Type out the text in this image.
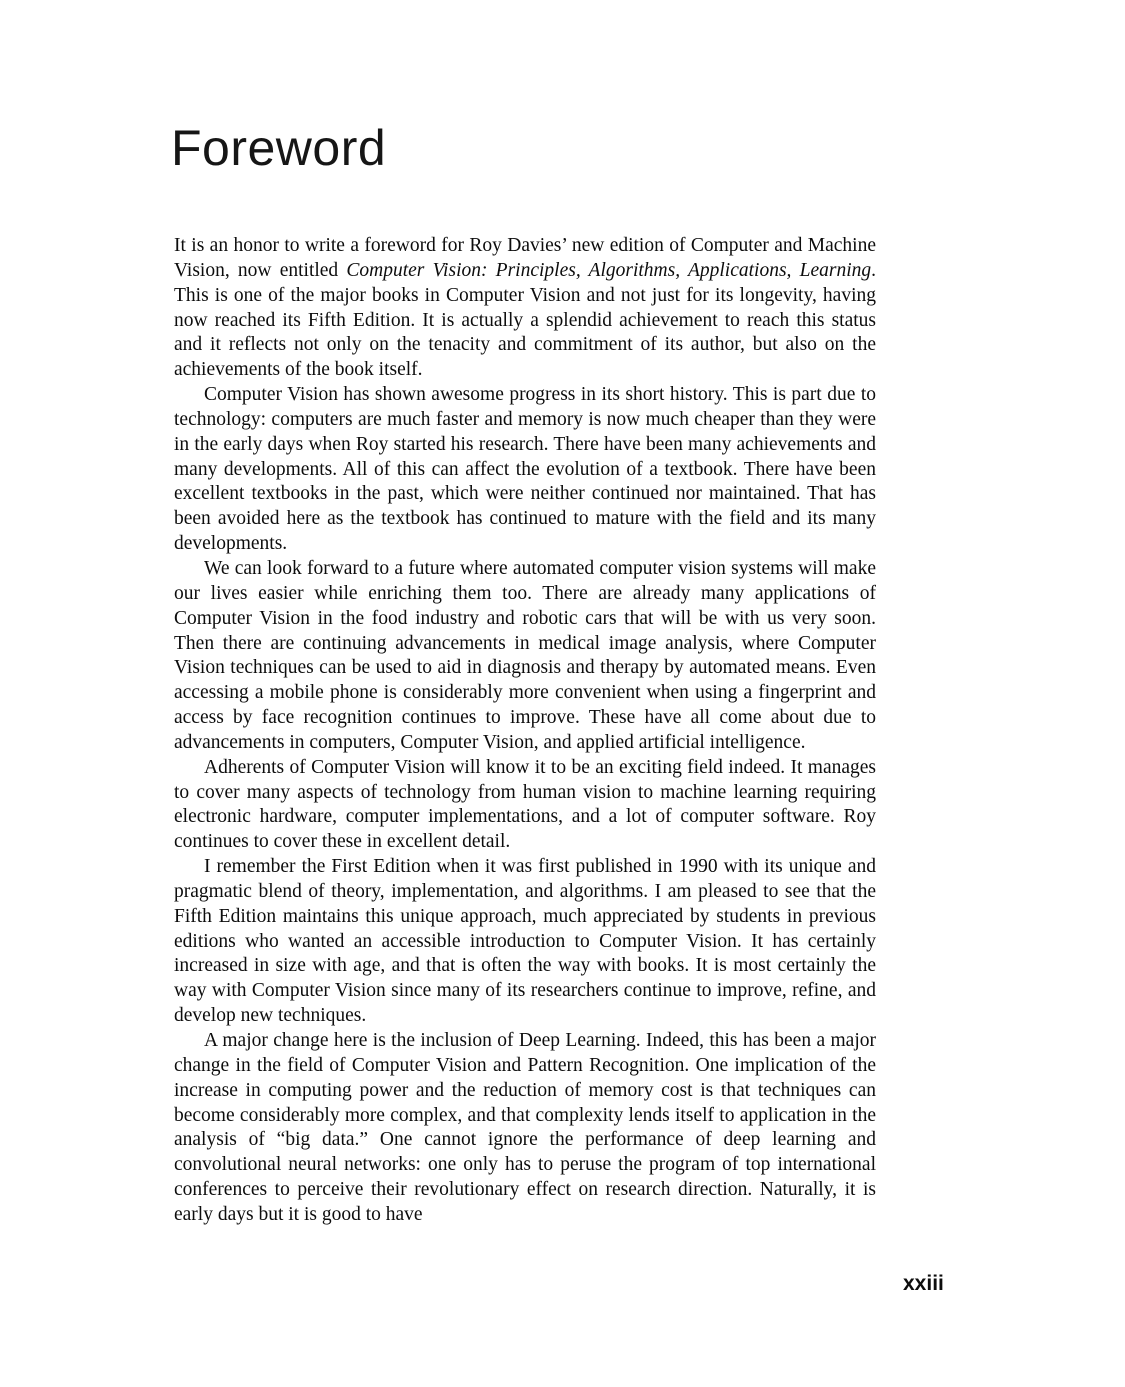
Foreword

It is an honor to write a foreword for Roy Davies’ new edition of Computer and Machine Vision, now entitled Computer Vision: Principles, Algorithms, Applications, Learning. This is one of the major books in Computer Vision and not just for its longevity, having now reached its Fifth Edition. It is actually a splendid achievement to reach this status and it reflects not only on the tenacity and commitment of its author, but also on the achievements of the book itself.

Computer Vision has shown awesome progress in its short history. This is part due to technology: computers are much faster and memory is now much cheaper than they were in the early days when Roy started his research. There have been many achievements and many developments. All of this can affect the evolution of a textbook. There have been excellent textbooks in the past, which were neither continued nor maintained. That has been avoided here as the textbook has continued to mature with the field and its many developments.

We can look forward to a future where automated computer vision systems will make our lives easier while enriching them too. There are already many applications of Computer Vision in the food industry and robotic cars that will be with us very soon. Then there are continuing advancements in medical image analysis, where Computer Vision techniques can be used to aid in diagnosis and therapy by automated means. Even accessing a mobile phone is considerably more convenient when using a fingerprint and access by face recognition continues to improve. These have all come about due to advancements in computers, Computer Vision, and applied artificial intelligence.

Adherents of Computer Vision will know it to be an exciting field indeed. It manages to cover many aspects of technology from human vision to machine learning requiring electronic hardware, computer implementations, and a lot of computer software. Roy continues to cover these in excellent detail.

I remember the First Edition when it was first published in 1990 with its unique and pragmatic blend of theory, implementation, and algorithms. I am pleased to see that the Fifth Edition maintains this unique approach, much appreciated by students in previous editions who wanted an accessible introduction to Computer Vision. It has certainly increased in size with age, and that is often the way with books. It is most certainly the way with Computer Vision since many of its researchers continue to improve, refine, and develop new techniques.

A major change here is the inclusion of Deep Learning. Indeed, this has been a major change in the field of Computer Vision and Pattern Recognition. One implication of the increase in computing power and the reduction of memory cost is that techniques can become considerably more complex, and that complexity lends itself to application in the analysis of “big data.” One cannot ignore the performance of deep learning and convolutional neural networks: one only has to peruse the program of top international conferences to perceive their revolutionary effect on research direction. Naturally, it is early days but it is good to have

xxiii
